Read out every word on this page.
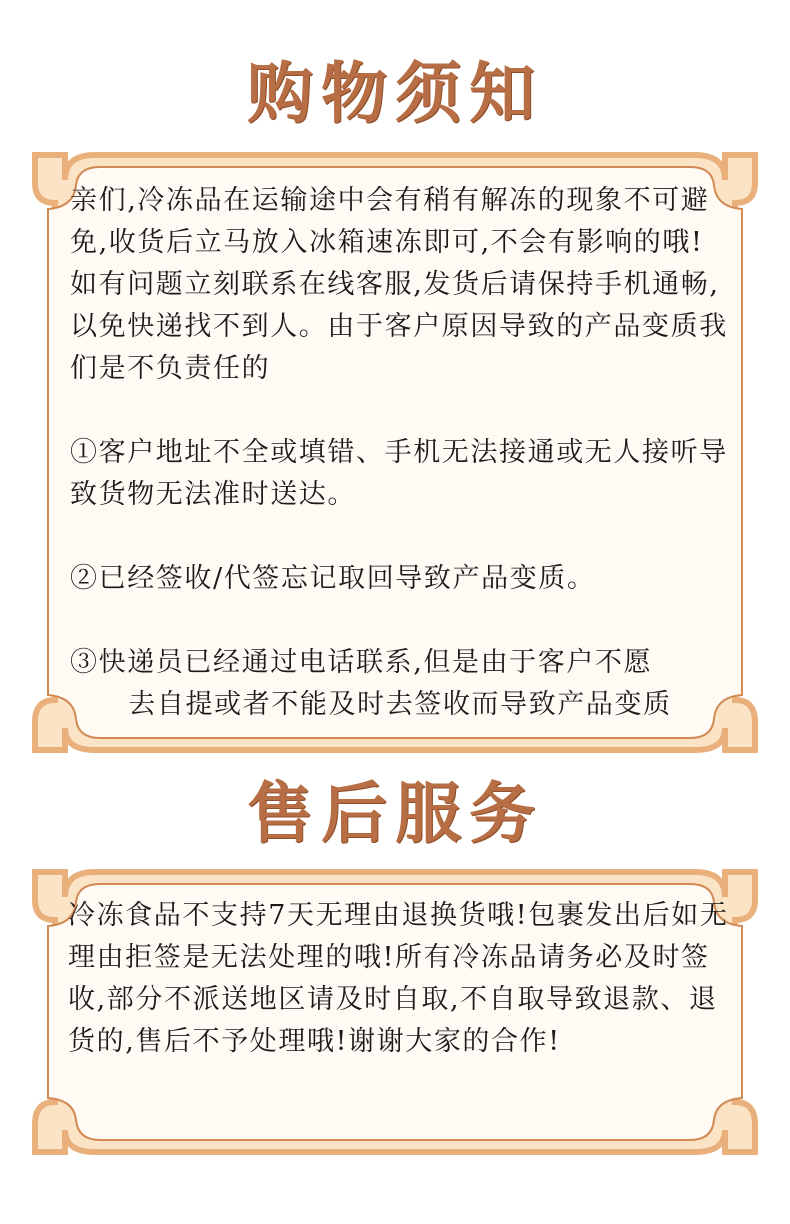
购物须知

亲们,冷冻品在运输途中会有稍有解冻的现象不可避免,收货后立马放入冰箱速冻即可,不会有影响的哦!如有问题立刻联系在线客服,发货后请保持手机通畅,以免快递找不到人。由于客户原因导致的产品变质我们是不负责任的

①客户地址不全或填错、手机无法接通或无人接听导致货物无法准时送达。

②已经签收/代签忘记取回导致产品变质。

③快递员已经通过电话联系,但是由于客户不愿

去自提或者不能及时去签收而导致产品变质

售后服务

冷冻食品不支持7天无理由退换货哦!包裹发出后如无理由拒签是无法处理的哦!所有冷冻品请务必及时签收,部分不派送地区请及时自取,不自取导致退款、退货的,售后不予处理哦!谢谢大家的合作!
